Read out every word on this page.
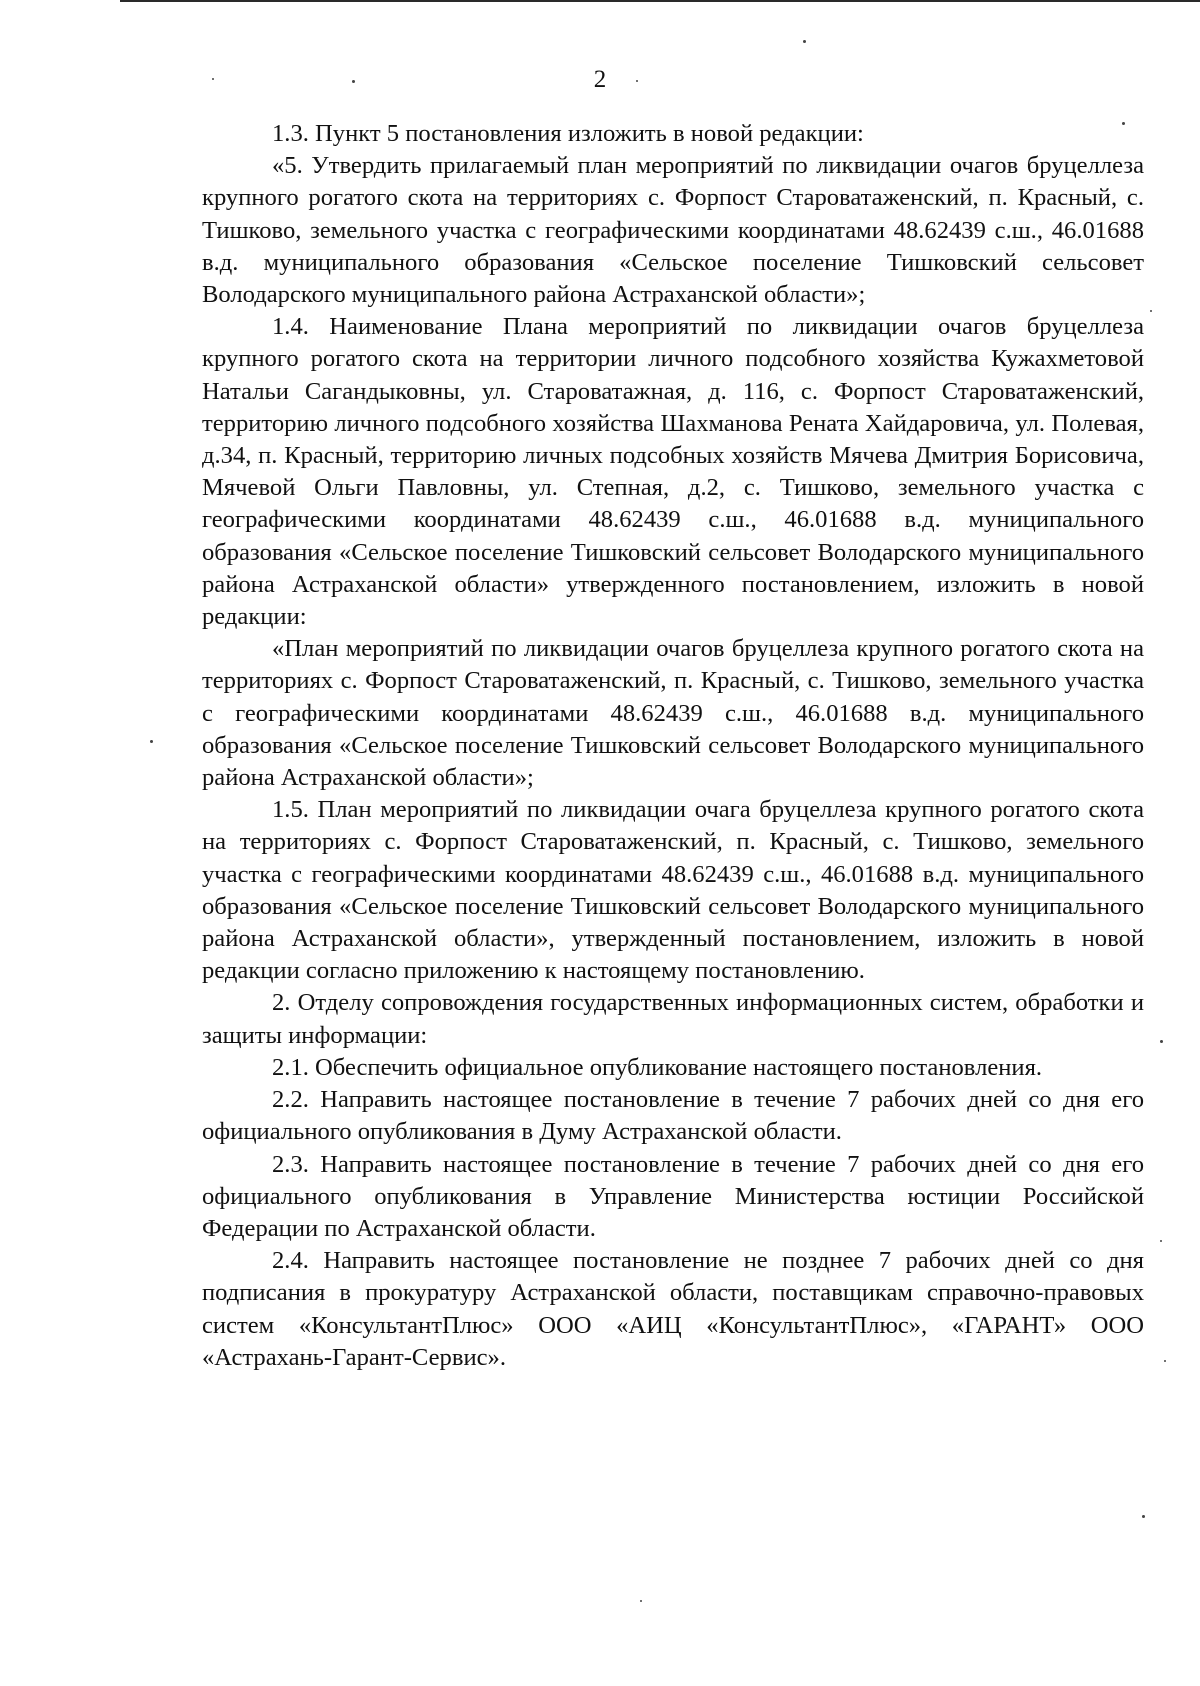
2

1.3. Пункт 5 постановления изложить в новой редакции:

«5. Утвердить прилагаемый план мероприятий по ликвидации очагов бруцеллеза крупного рогатого скота на территориях с. Форпост Староватаженский, п. Красный, с. Тишково, земельного участка с географическими координатами 48.62439 с.ш., 46.01688 в.д. муниципального образования «Сельское поселение Тишковский сельсовет Володарского муниципального района Астраханской области»;

1.4. Наименование Плана мероприятий по ликвидации очагов бруцеллеза крупного рогатого скота на территории личного подсобного хозяйства Кужахметовой Натальи Сагандыковны, ул. Староватажная, д. 116, с. Форпост Староватаженский, территорию личного подсобного хозяйства Шахманова Рената Хайдаровича, ул. Полевая, д.34, п. Красный, территорию личных подсобных хозяйств Мячева Дмитрия Борисовича, Мячевой Ольги Павловны, ул. Степная, д.2, с. Тишково, земельного участка с географическими координатами 48.62439 с.ш., 46.01688 в.д. муниципального образования «Сельское поселение Тишковский сельсовет Володарского муниципального района Астраханской области» утвержденного постановлением, изложить в новой редакции:

«План мероприятий по ликвидации очагов бруцеллеза крупного рогатого скота на территориях с. Форпост Староватаженский, п. Красный, с. Тишково, земельного участка с географическими координатами 48.62439 с.ш., 46.01688 в.д. муниципального образования «Сельское поселение Тишковский сельсовет Володарского муниципального района Астраханской области»;

1.5. План мероприятий по ликвидации очага бруцеллеза крупного рогатого скота на территориях с. Форпост Староватаженский, п. Красный, с. Тишково, земельного участка с географическими координатами 48.62439 с.ш., 46.01688 в.д. муниципального образования «Сельское поселение Тишковский сельсовет Володарского муниципального района Астраханской области», утвержденный постановлением, изложить в новой редакции согласно приложению к настоящему постановлению.

2. Отделу сопровождения государственных информационных систем, обработки и защиты информации:

2.1. Обеспечить официальное опубликование настоящего постановления.

2.2. Направить настоящее постановление в течение 7 рабочих дней со дня его официального опубликования в Думу Астраханской области.

2.3. Направить настоящее постановление в течение 7 рабочих дней со дня его официального опубликования в Управление Министерства юстиции Российской Федерации по Астраханской области.

2.4. Направить настоящее постановление не позднее 7 рабочих дней со дня подписания в прокуратуру Астраханской области, поставщикам справочно-правовых систем «КонсультантПлюс» ООО «АИЦ «КонсультантПлюс», «ГАРАНТ» ООО «Астрахань-Гарант-Сервис».
